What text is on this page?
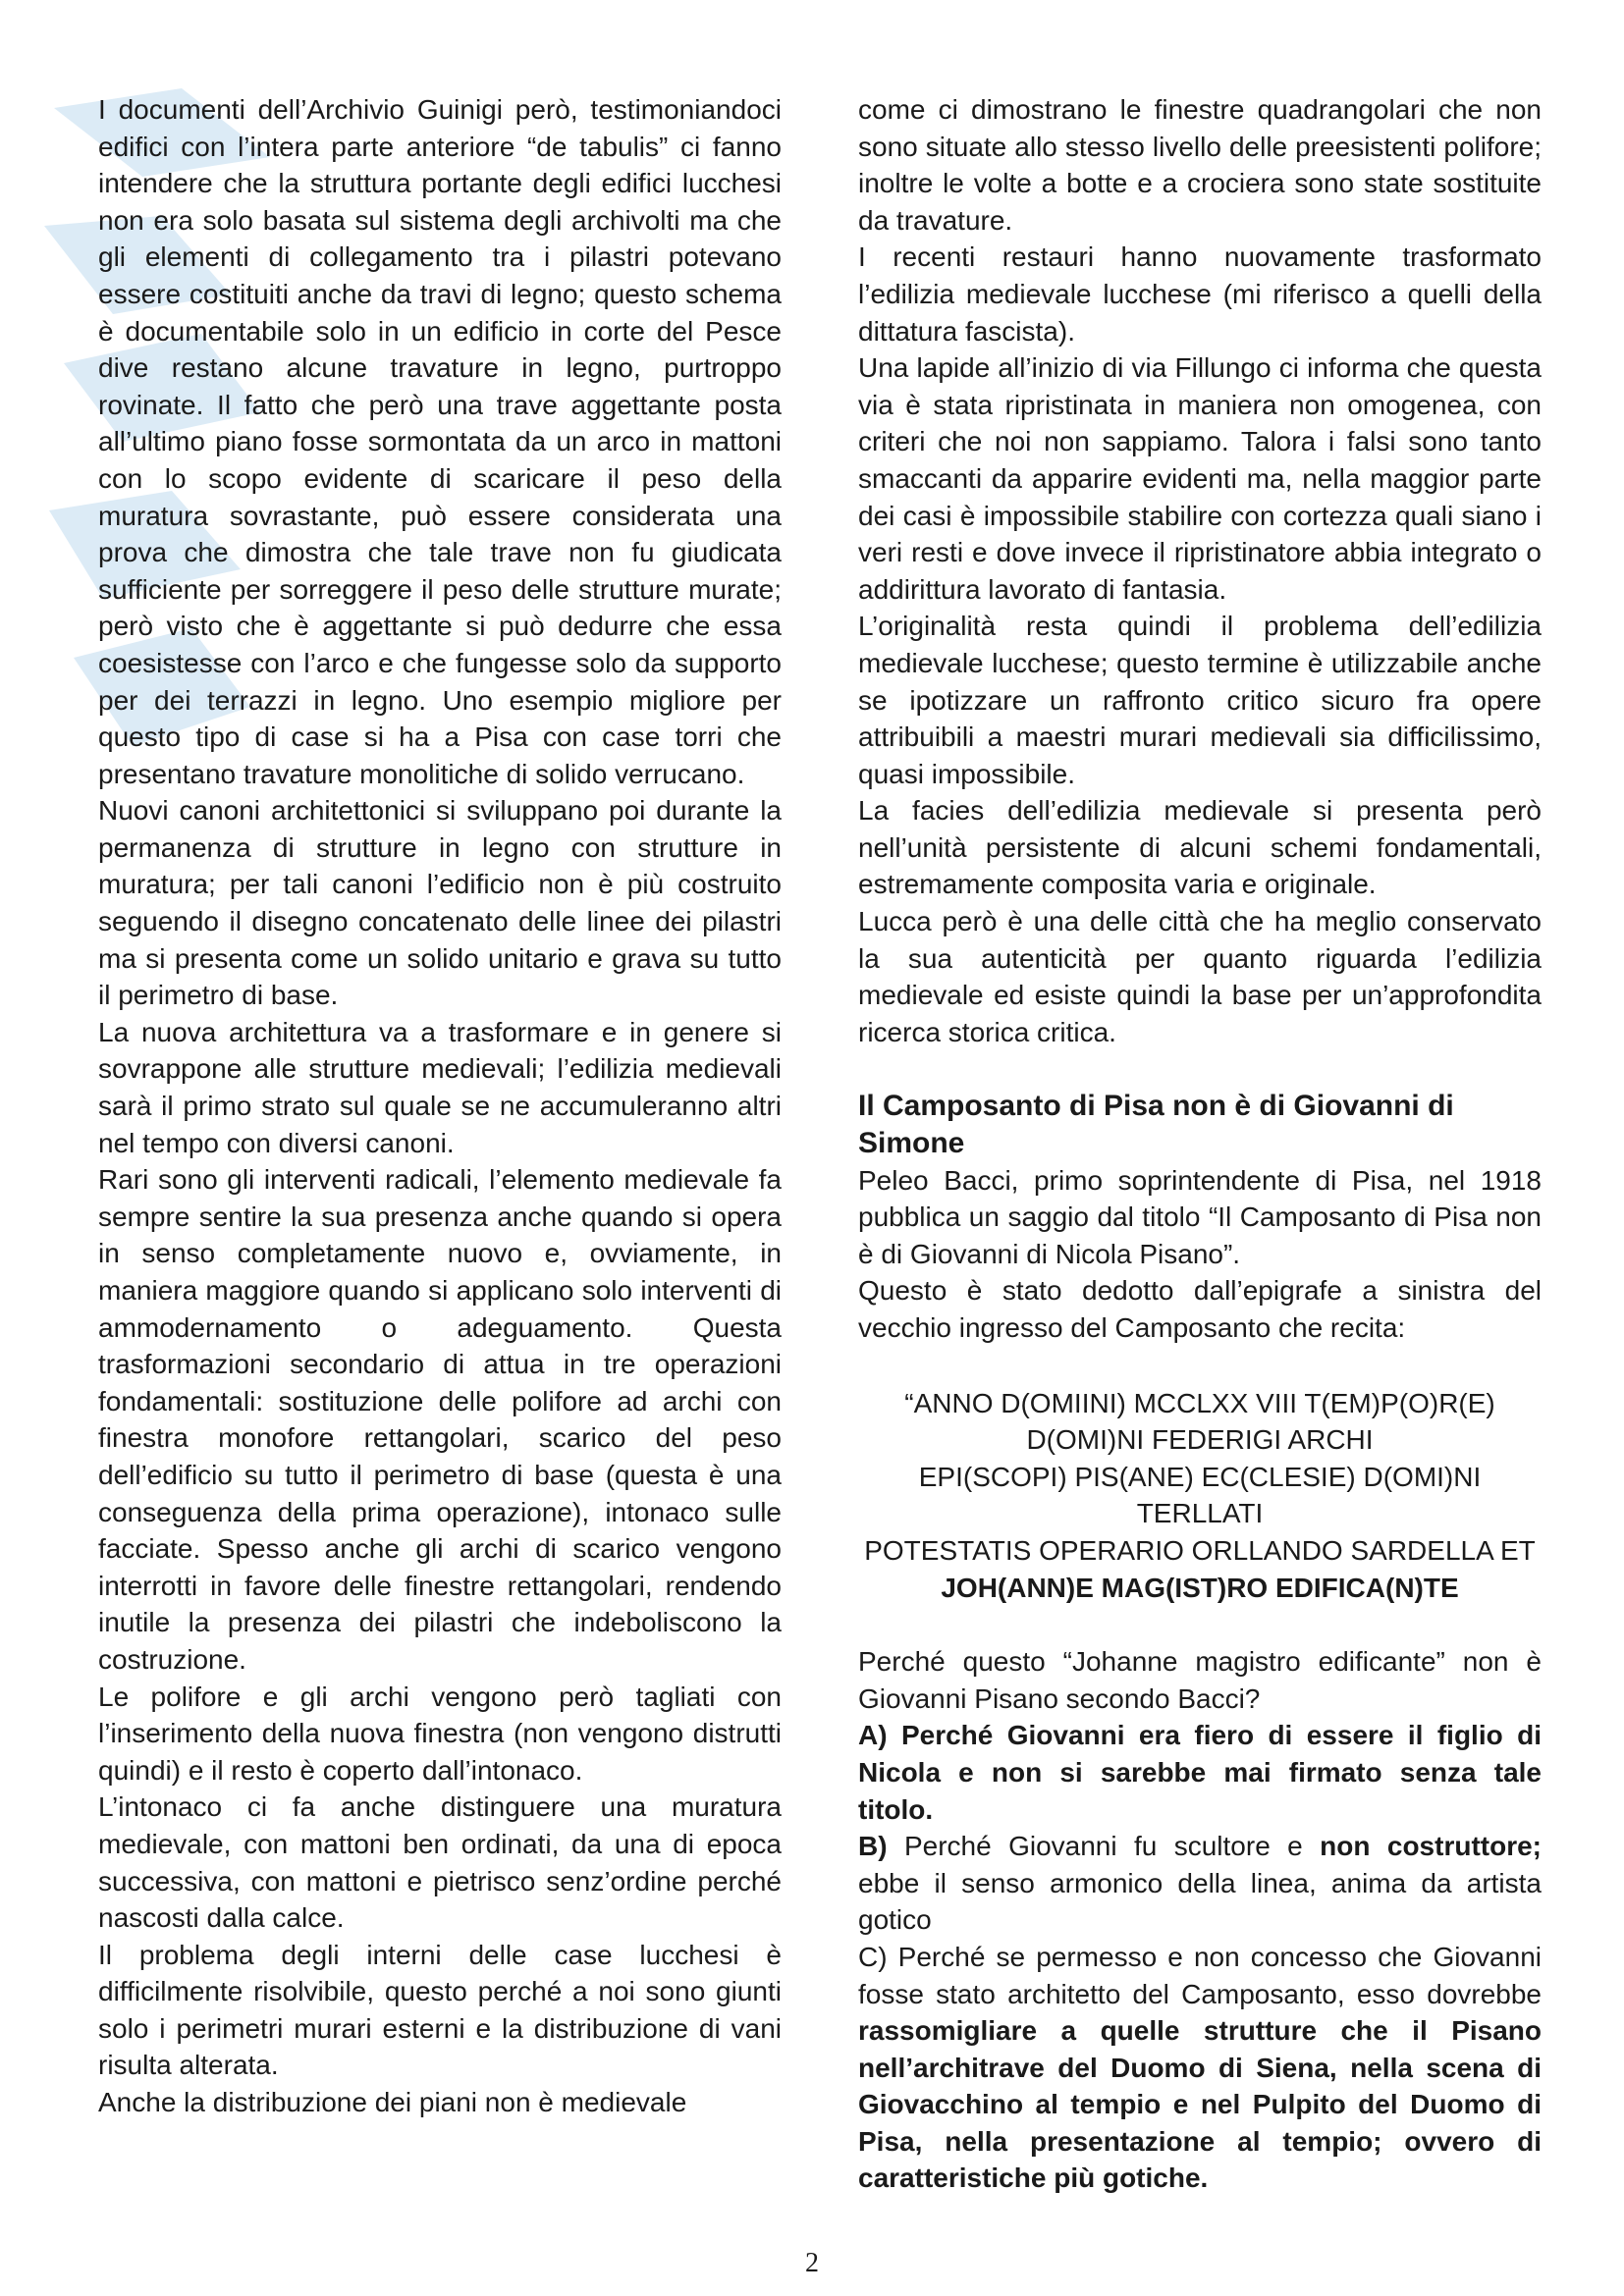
I documenti dell’Archivio Guinigi però, testimoniandoci edifici con l’intera parte anteriore “de tabulis” ci fanno intendere che la struttura portante degli edifici lucchesi non era solo basata sul sistema degli archivolti ma che gli elementi di collegamento tra i pilastri potevano essere costituiti anche da travi di legno; questo schema è documentabile solo in un edificio in corte del Pesce dive restano alcune travature in legno, purtroppo rovinate. Il fatto che però una trave aggettante posta all’ultimo piano fosse sormontata da un arco in mattoni con lo scopo evidente di scaricare il peso della muratura sovrastante, può essere considerata una prova che dimostra che tale trave non fu giudicata sufficiente per sorreggere il peso delle strutture murate; però visto che è aggettante si può dedurre che essa coesistesse con l’arco e che fungesse solo da supporto per dei terrazzi in legno. Uno esempio migliore per questo tipo di case si ha a Pisa con case torri che presentano travature monolitiche di solido verrucano.

Nuovi canoni architettonici si sviluppano poi durante la permanenza di strutture in legno con strutture in muratura; per tali canoni l’edificio non è più costruito seguendo il disegno concatenato delle linee dei pilastri ma si presenta come un solido unitario e grava su tutto il perimetro di base.

La nuova architettura va a trasformare e in genere si sovrappone alle strutture medievali; l’edilizia medievali sarà il primo strato sul quale se ne accumuleranno altri nel tempo con diversi canoni.

Rari sono gli interventi radicali, l’elemento medievale fa sempre sentire la sua presenza anche quando si opera in senso completamente nuovo e, ovviamente, in maniera maggiore quando si applicano solo interventi di ammodernamento o adeguamento. Questa trasformazioni secondario di attua in tre operazioni fondamentali: sostituzione delle polifore ad archi con finestra monofore rettangolari, scarico del peso dell’edificio su tutto il perimetro di base (questa è una conseguenza della prima operazione), intonaco sulle facciate. Spesso anche gli archi di scarico vengono interrotti in favore delle finestre rettangolari, rendendo inutile la presenza dei pilastri che indeboliscono la costruzione.

Le polifore e gli archi vengono però tagliati con l’inserimento della nuova finestra (non vengono distrutti quindi) e il resto è coperto dall’intonaco.

L’intonaco ci fa anche distinguere una muratura medievale, con mattoni ben ordinati, da una di epoca successiva, con mattoni e pietrisco senz’ordine perché nascosti dalla calce.

Il problema degli interni delle case lucchesi è difficilmente risolvibile, questo perché a noi sono giunti solo i perimetri murari esterni e la distribuzione di vani risulta alterata.

Anche la distribuzione dei piani non è medievale

come ci dimostrano le finestre quadrangolari che non sono situate allo stesso livello delle preesistenti polifore; inoltre le volte a botte e a crociera sono state sostituite da travature.

I recenti restauri hanno nuovamente trasformato l’edilizia medievale lucchese (mi riferisco a quelli della dittatura fascista).

Una lapide all’inizio di via Fillungo ci informa che questa via è stata ripristinata in maniera non omogenea, con criteri che noi non sappiamo. Talora i falsi sono tanto smaccanti da apparire evidenti ma, nella maggior parte dei casi è impossibile stabilire con cortezza quali siano i veri resti e dove invece il ripristinatore abbia integrato o addirittura lavorato di fantasia.

L’originalità resta quindi il problema dell’edilizia medievale lucchese; questo termine è utilizzabile anche se ipotizzare un raffronto critico sicuro fra opere attribuibili a maestri murari medievali sia difficilissimo, quasi impossibile.

La facies dell’edilizia medievale si presenta però nell’unità persistente di alcuni schemi fondamentali, estremamente composita varia e originale.

Lucca però è una delle città che ha meglio conservato la sua autenticità per quanto riguarda l’edilizia medievale ed esiste quindi la base per un’approfondita ricerca storica critica.

Il Camposanto di Pisa non è di Giovanni di Simone

Peleo Bacci, primo soprintendente di Pisa, nel 1918 pubblica un saggio dal titolo “Il Camposanto di Pisa non è di Giovanni di Nicola Pisano”.

Questo è stato dedotto dall’epigrafe a sinistra del vecchio ingresso del Camposanto che recita:

“ANNO D(OMIINI) MCCLXX VIII T(EM)P(O)R(E)
D(OMI)NI FEDERIGI ARCHI
EPI(SCOPI) PIS(ANE) EC(CLESIE) D(OMI)NI TERLLATI
POTESTATIS OPERARIO ORLLANDO SARDELLA ET
JOH(ANN)E MAG(IST)RO EDIFICA(N)TE

Perché questo “Johanne magistro edificante” non è Giovanni Pisano secondo Bacci?

A) Perché Giovanni era fiero di essere il figlio di Nicola e non si sarebbe mai firmato senza tale titolo.

B) Perché Giovanni fu scultore e non costruttore; ebbe il senso armonico della linea, anima da artista gotico

C) Perché se permesso e non concesso che Giovanni fosse stato architetto del Camposanto, esso dovrebbe rassomigliare a quelle strutture che il Pisano nell’architrave del Duomo di Siena, nella scena di Giovacchino al tempio e nel Pulpito del Duomo di Pisa, nella presentazione al tempio; ovvero di caratteristiche più gotiche.

2
